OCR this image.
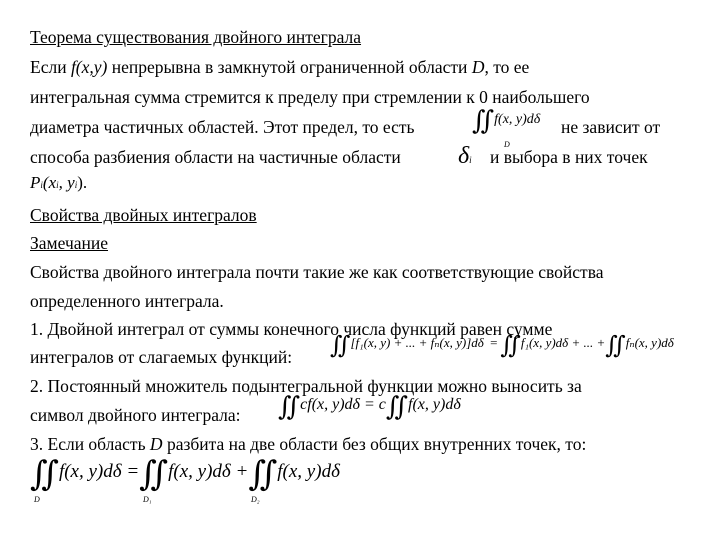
Теорема существования двойного интеграла
Если f(x,y) непрерывна в замкнутой ограниченной области D, то ее
интегральная сумма стремится к пределу при стремлении к 0 наибольшего
диаметра частичных областей. Этот предел, то есть	не зависит от
∬f(x, y)dδ
D
способа разбиения области на частичные области δi и выбора в них точек
Pi(xi, yi).
Свойства двойных интегралов
Замечание
Свойства двойного интеграла почти такие же как соответствующие свойства
определенного интеграла.
1. Двойной интеграл от суммы конечного числа функций равен сумме
интегралов от слагаемых функций: ∬[f₁(x, y) + ... + fₙ(x, y)]dδ = ∬f₁(x, y)dδ + ... +∬fₙ(x, y)dδ
2. Постоянный множитель подынтегральной функции можно выносить за
символ двойного интеграла: ∬cf(x, y)dδ = c∬f(x, y)dδ
3. Если область D разбита на две области без общих внутренних точек, то:
∬f(x, y)dδ =∬f(x, y)dδ +∬f(x, y)dδ
D	D₁	D₂
